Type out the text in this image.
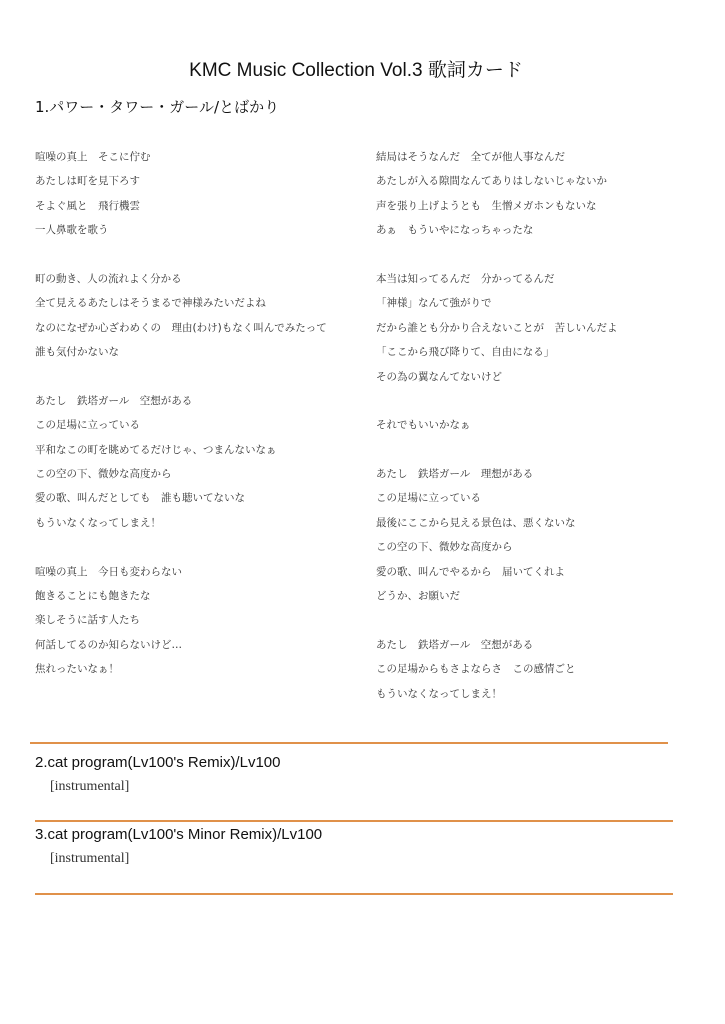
KMC Music Collection Vol.3 歌詞カード
1.パワー・タワー・ガール/とばかり
喧噪の真上　そこに佇む
あたしは町を見下ろす
そよぐ風と　飛行機雲
一人鼻歌を歌う
町の動き、人の流れよく分かる
全て見えるあたしはそうまるで神様みたいだよね
なのになぜか心ざわめくの　理由(わけ)もなく叫んでみたって
誰も気付かないな
あたし　鉄塔ガール　空想がある
この足場に立っている
平和なこの町を眺めてるだけじゃ、つまんないなぁ
この空の下、微妙な高度から
愛の歌、叫んだとしても　誰も聴いてないな
もういなくなってしまえ！
喧噪の真上　今日も変わらない
飽きることにも飽きたな
楽しそうに話す人たち
何話してるのか知らないけど…
焦れったいなぁ！
結局はそうなんだ　全てが他人事なんだ
あたしが入る隙間なんてありはしないじゃないか
声を張り上げようとも　生憎メガホンもないな
あぁ　もういやになっちゃったな
本当は知ってるんだ　分かってるんだ
「神様」なんて強がりで
だから誰とも分かり合えないことが　苦しいんだよ
「ここから飛び降りて、自由になる」
その為の翼なんてないけど
それでもいいかなぁ
あたし　鉄塔ガール　理想がある
この足場に立っている
最後にここから見える景色は、悪くないな
この空の下、微妙な高度から
愛の歌、叫んでやるから　届いてくれよ
どうか、お願いだ
あたし　鉄塔ガール　空想がある
この足場からもさよならさ　この感情ごと
もういなくなってしまえ！
2.cat program(Lv100's Remix)/Lv100
[instrumental]
3.cat program(Lv100's Minor Remix)/Lv100
[instrumental]
